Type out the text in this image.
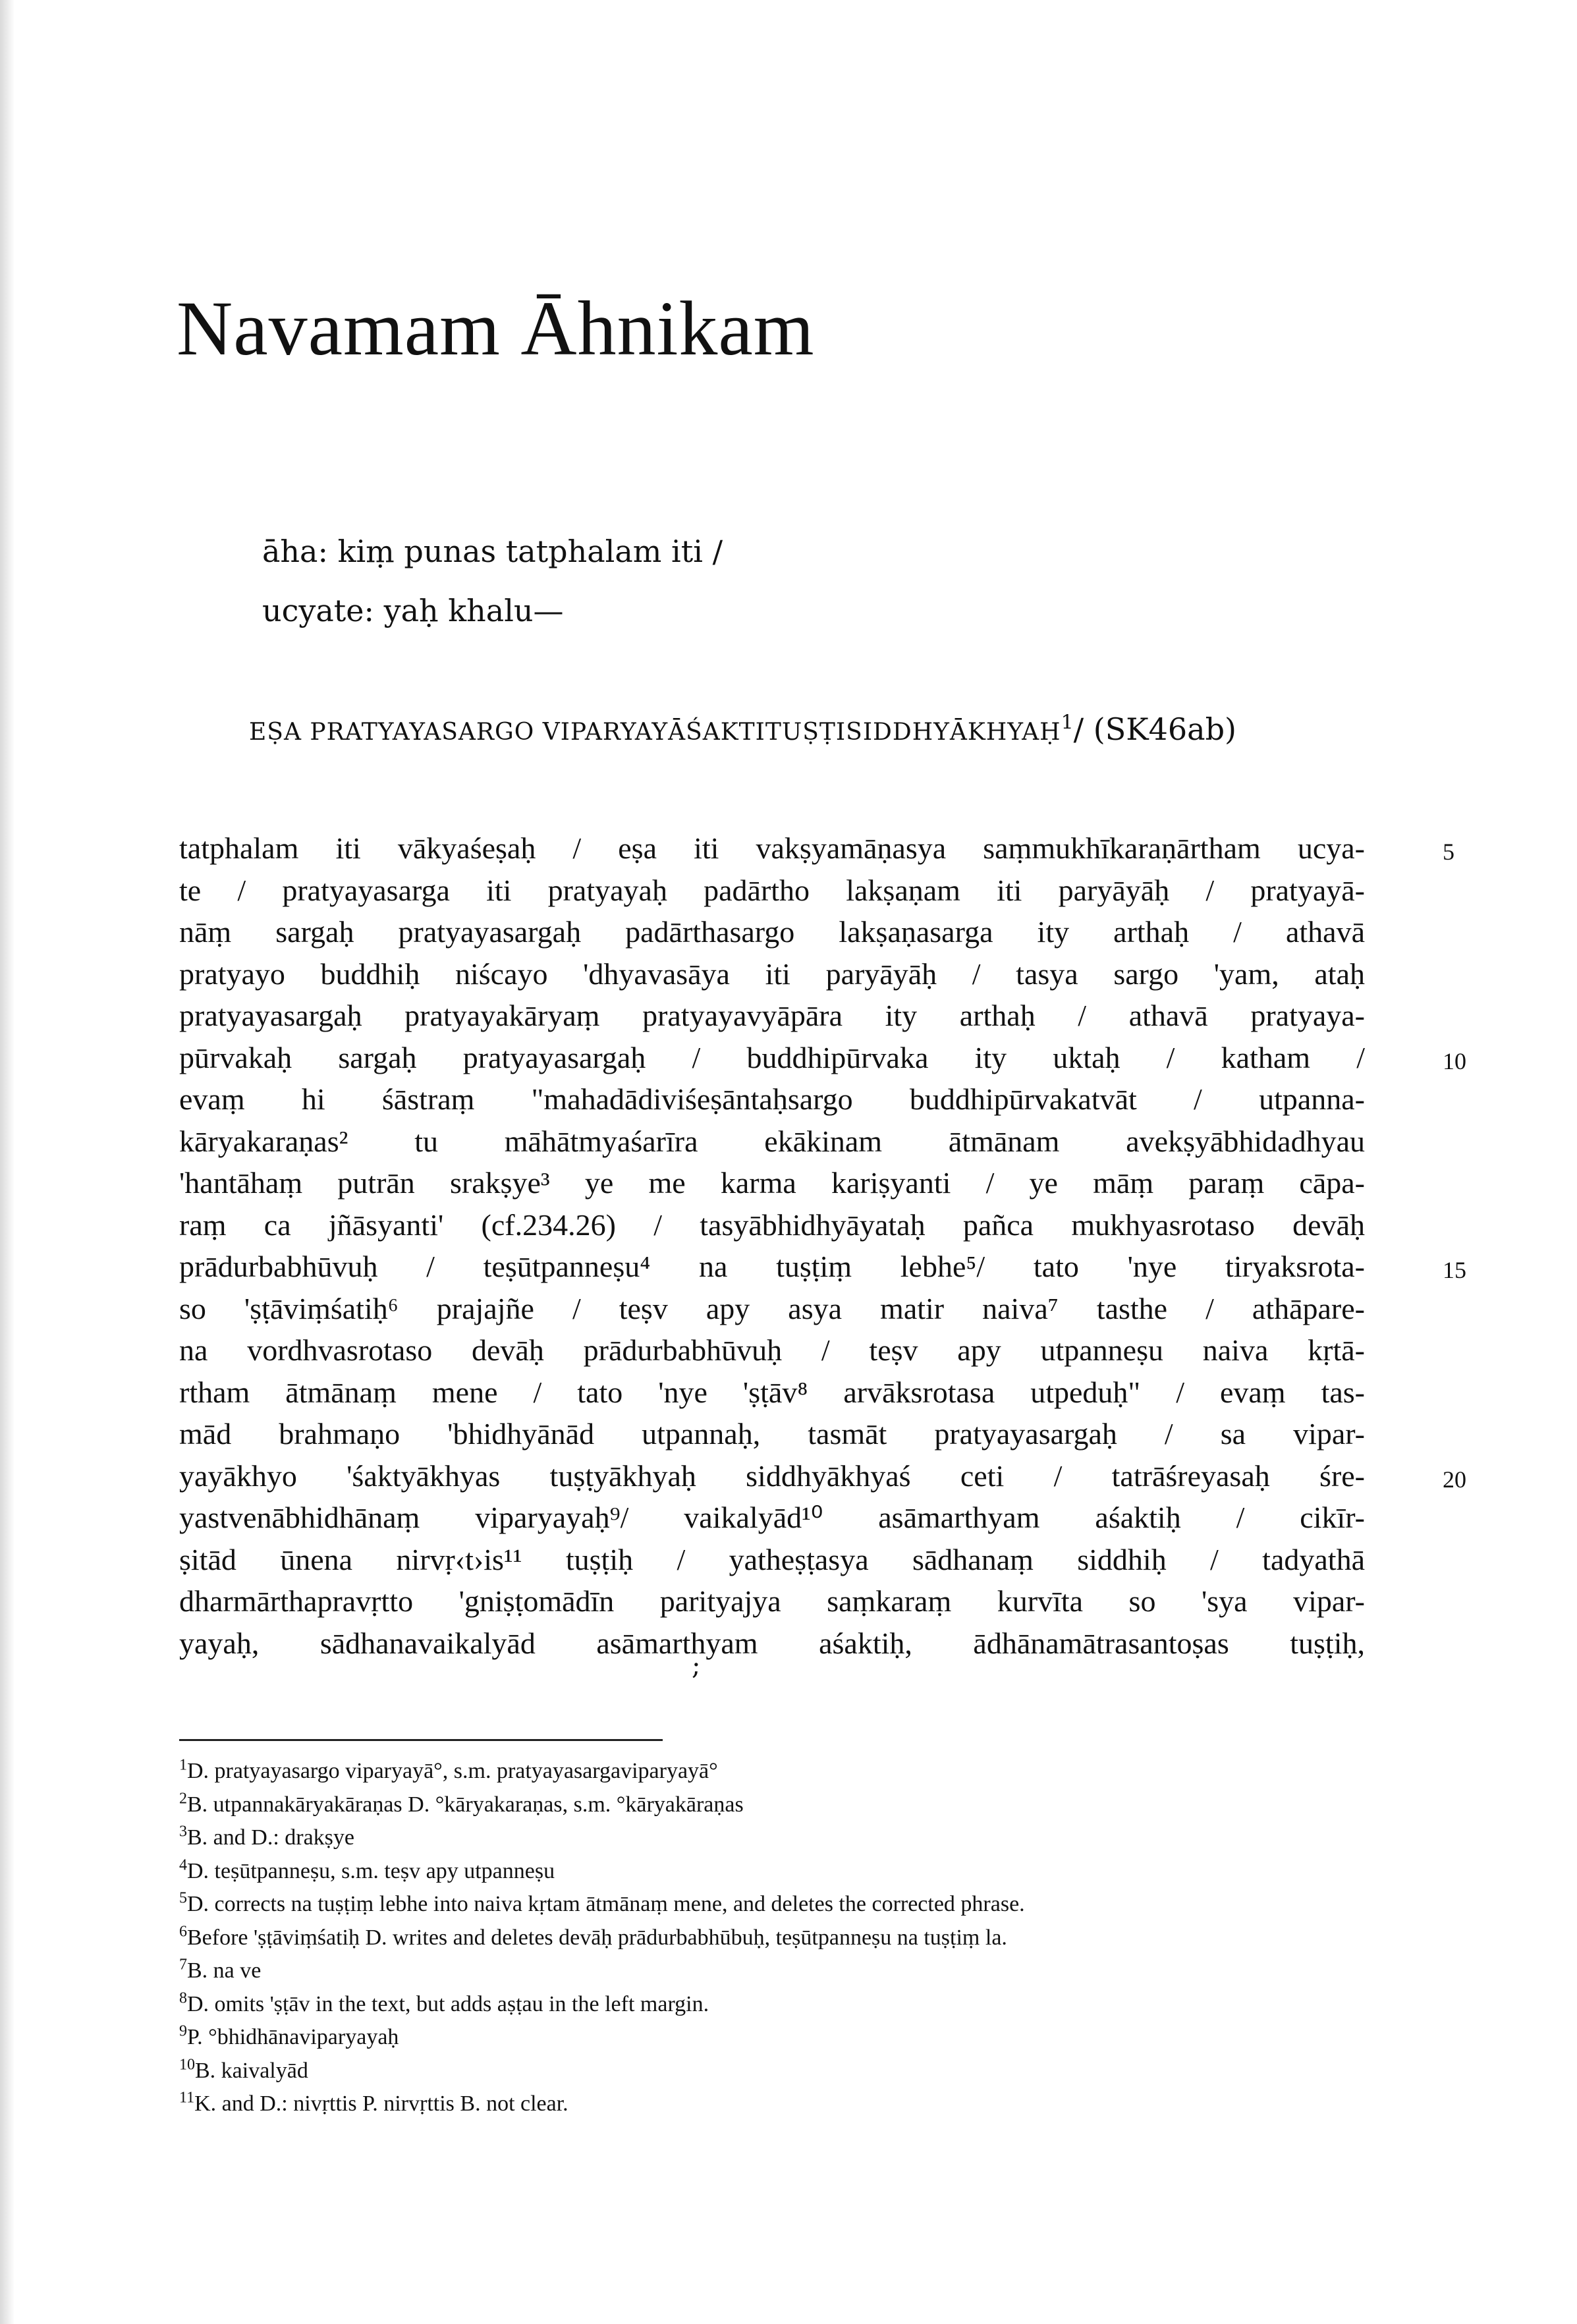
Navamam Āhnikam
āha: kiṃ punas tatphalam iti /
ucyate: yaḥ khalu—
EṢA PRATYAYASARGO VIPARYAYĀŚAKTITUṢṬISIDDHYĀKHYAḤ$^1$/ (SK46ab)
tatphalam iti vākyaśeṣaḥ / eṣa iti vakṣyamāṇasya saṃmukhīkaraṇārtham ucya-
te / pratyayasarga iti pratyayaḥ padārtho lakṣaṇam iti paryāyāḥ / pratyayā-
nāṃ sargaḥ pratyayasargaḥ padārthasargo lakṣaṇasarga ity arthaḥ / athavā
pratyayo buddhiḥ niścayo 'dhyavasāya iti paryāyāḥ / tasya sargo 'yam, ataḥ
pratyayasargaḥ pratyayakāryaṃ pratyayavyāpāra ity arthaḥ / athavā pratyaya-
pūrvakaḥ sargaḥ pratyayasargaḥ / buddhipūrvaka ity uktaḥ / katham /
evaṃ hi śāstraṃ "mahadādiviśeṣāntaḥsargo buddhipūrvakatvāt / utpanna-
kāryakaraṇas² tu māhātmyaśarīra ekākinam ātmānam avekṣyābhidadhyau
'hantāhaṃ putrān srakṣye³ ye me karma kariṣyanti / ye māṃ paraṃ cāpa-
raṃ ca jñāsyanti' (cf.234.26) / tasyābhidhyāyataḥ pañca mukhyasrotaso devāḥ
prādurbabhūvuḥ / teṣūtpanneṣu⁴ na tuṣṭiṃ lebhe⁵/ tato 'nye tiryaksrota-
so 'ṣṭāviṃśatiḥ⁶ prajajñe / teṣv apy asya matir naiva⁷ tasthe / athāpare-
na vordhvasrotaso devāḥ prādurbabhūvuḥ / teṣv apy utpanneṣu naiva kṛtā-
rtham ātmānaṃ mene / tato 'nye 'ṣṭāv⁸ arvāksrotasa utpeduḥ" / evaṃ tas-
mād brahmaṇo 'bhidhyānād utpannaḥ, tasmāt pratyayasargaḥ / sa vipar-
yayākhyo 'śaktyākhyas tuṣṭyākhyaḥ siddhyākhyaś ceti / tatrāśreyasaḥ śre-
yastvenābhidhānaṃ viparyayaḥ⁹/ vaikalyād¹⁰ asāmarthyam aśaktiḥ / cikīr-
ṣitād ūnena nirvṛ‹t›is¹¹ tuṣṭiḥ / yatheṣṭasya sādhanaṃ siddhiḥ / tadyathā
dharmārthapravṛtto 'gniṣṭomādīn parityajya saṃkaraṃ kurvīta so 'sya vipar-
yayaḥ, sādhanavaikalyād asāmarthyam aśaktiḥ, ādhānamātrasantoṣas tuṣṭiḥ,
5
10
15
20
;
$^1$D. pratyayasargo viparyayā°, s.m. pratyayasargaviparyayā°
$^2$B. utpannakāryakāraṇas D. °kāryakaraṇas, s.m. °kāryakāraṇas
$^3$B. and D.: drakṣye
$^4$D. teṣūtpanneṣu, s.m. teṣv apy utpanneṣu
$^5$D. corrects na tuṣṭiṃ lebhe into naiva kṛtam ātmānaṃ mene, and deletes the corrected phrase.
$^6$Before 'ṣṭāviṃśatiḥ D. writes and deletes devāḥ prādurbabhūbuḥ, teṣūtpanneṣu na tuṣṭiṃ la.
$^7$B. na ve
$^8$D. omits 'ṣṭāv in the text, but adds aṣṭau in the left margin.
$^9$P. °bhidhānaviparyayaḥ
$^{10}$B. kaivalyād
$^{11}$K. and D.: nivṛttis P. nirvṛttis B. not clear.
